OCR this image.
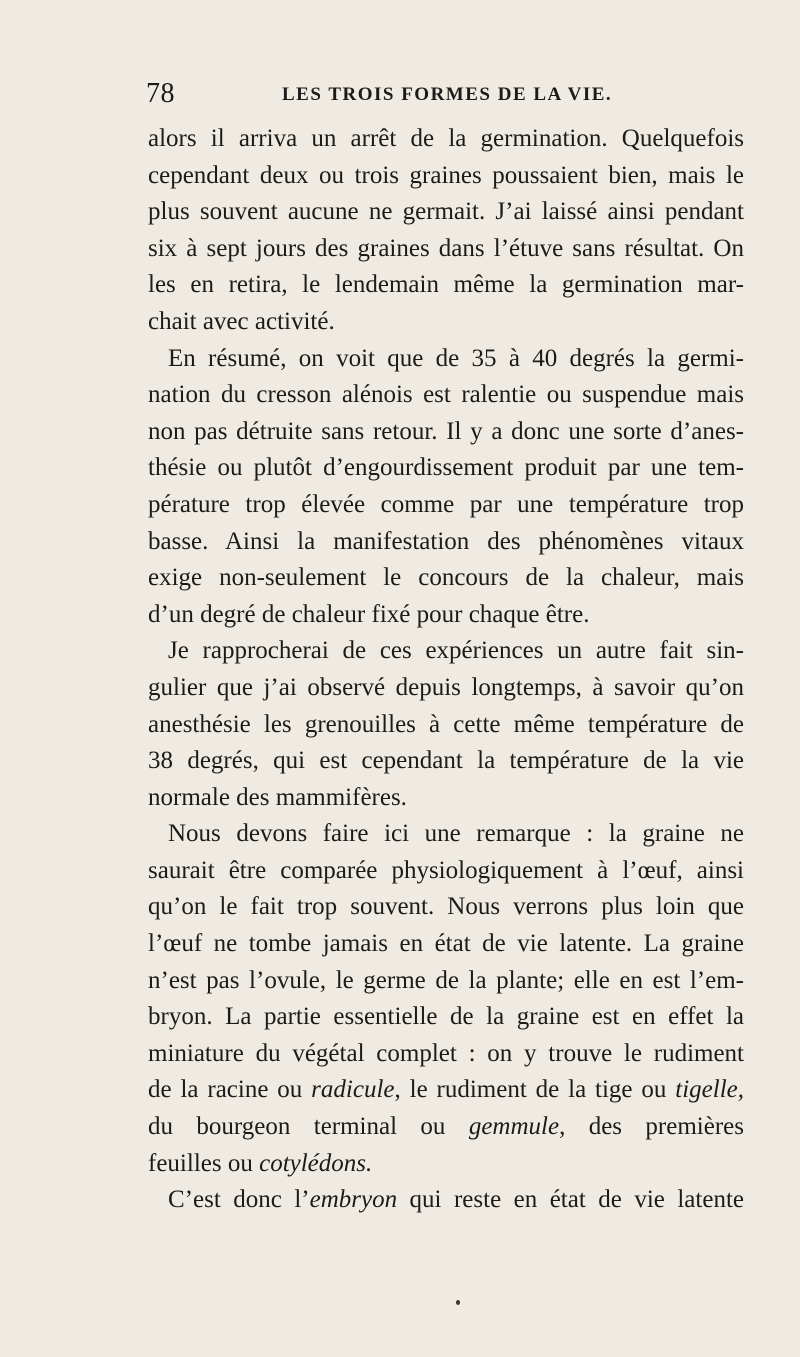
78	LES TROIS FORMES DE LA VIE.
alors il arriva un arrêt de la germination. Quelquefois
cependant deux ou trois graines poussaient bien, mais le
plus souvent aucune ne germait. J’ai laissé ainsi pendant
six à sept jours des graines dans l’étuve sans résultat. On
les en retira, le lendemain même la germination mar-
chait avec activité.
En résumé, on voit que de 35 à 40 degrés la germi-
nation du cresson alénois est ralentie ou suspendue mais
non pas détruite sans retour. Il y a donc une sorte d’anes-
thésie ou plutôt d’engourdissement produit par une tem-
pérature trop élevée comme par une température trop
basse. Ainsi la manifestation des phénomènes vitaux
exige non-seulement le concours de la chaleur, mais
d’un degré de chaleur fixé pour chaque être.
Je rapprocherai de ces expériences un autre fait sin-
gulier que j’ai observé depuis longtemps, à savoir qu’on
anesthésie les grenouilles à cette même température de
38 degrés, qui est cependant la température de la vie
normale des mammifères.
Nous devons faire ici une remarque : la graine ne
saurait être comparée physiologiquement à l’œuf, ainsi
qu’on le fait trop souvent. Nous verrons plus loin que
l’œuf ne tombe jamais en état de vie latente. La graine
n’est pas l’ovule, le germe de la plante; elle en est l’em-
bryon. La partie essentielle de la graine est en effet la
miniature du végétal complet : on y trouve le rudiment
de la racine ou radicule, le rudiment de la tige ou tigelle,
du bourgeon terminal ou gemmule, des premières
feuilles ou cotylédons.
C’est donc l’embryon qui reste en état de vie latente
